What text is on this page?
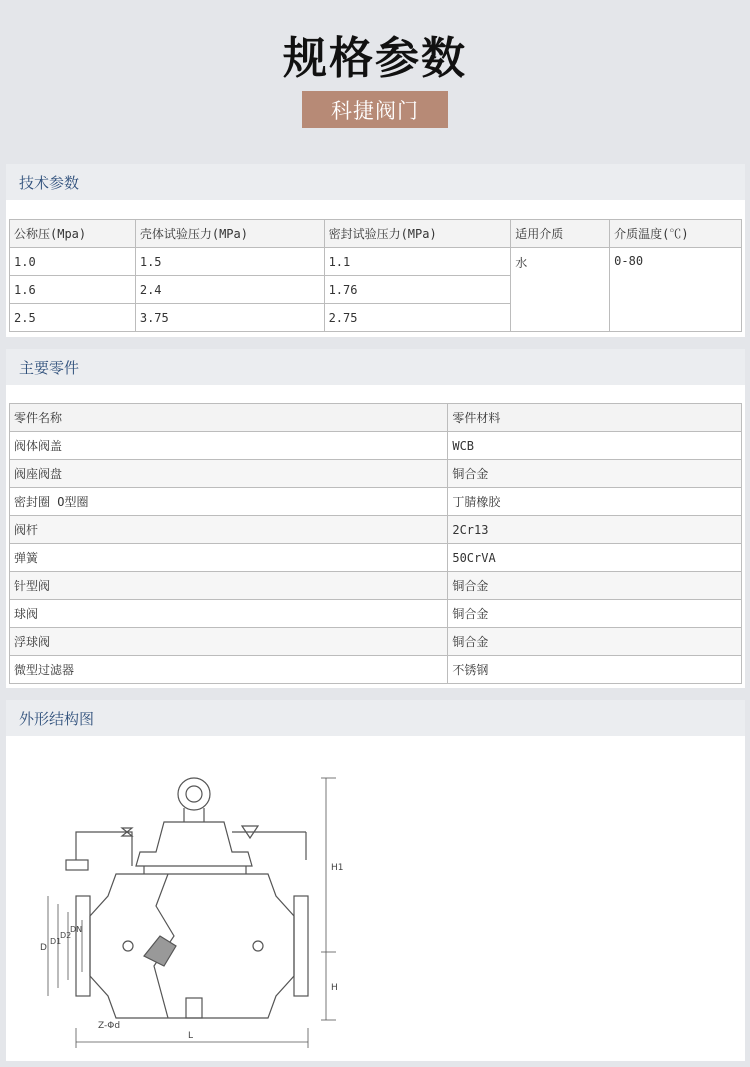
规格参数
科捷阀门
技术参数
公称压(Mpa)	壳体试验压力(MPa)	密封试验压力(MPa)	适用介质	介质温度(℃)
1.0	1.5	1.1	水	0-80
1.6	2.4	1.76		
2.5	3.75	2.75		
主要零件
零件名称	零件材料
阀体阀盖	WCB
阀座阀盘	铜合金
密封圈 O型圈	丁腈橡胶
阀杆	2Cr13
弹簧	50CrVA
针型阀	铜合金
球阀	铜合金
浮球阀	铜合金
微型过滤器	不锈钢
外形结构图
H1
H
L
D
D1
D2
DN
Z-Φd
